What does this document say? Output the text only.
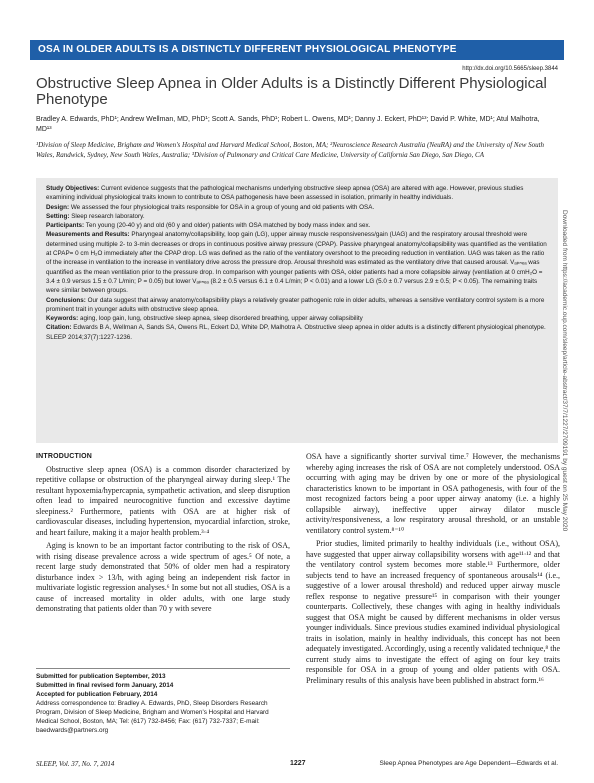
OSA IN OLDER ADULTS IS A DISTINCTLY DIFFERENT PHYSIOLOGICAL PHENOTYPE
http://dx.doi.org/10.5665/sleep.3844
Obstructive Sleep Apnea in Older Adults is a Distinctly Different Physiological Phenotype
Bradley A. Edwards, PhD¹; Andrew Wellman, MD, PhD¹; Scott A. Sands, PhD¹; Robert L. Owens, MD¹; Danny J. Eckert, PhD¹³; David P. White, MD¹; Atul Malhotra, MD¹³
¹Division of Sleep Medicine, Brigham and Women's Hospital and Harvard Medical School, Boston, MA; ²Neuroscience Research Australia (NeuRA) and the University of New South Wales, Randwick, Sydney, New South Wales, Australia; ³Division of Pulmonary and Critical Care Medicine, University of California San Diego, San Diego, CA

Study Objectives: Current evidence suggests that the pathological mechanisms underlying obstructive sleep apnea (OSA) are altered with age. However, previous studies examining individual physiological traits known to contribute to OSA pathogenesis have been assessed in isolation, primarily in healthy individuals.

Design: We assessed the four physiological traits responsible for OSA in a group of young and old patients with OSA.

Setting: Sleep research laboratory.

Participants: Ten young (20-40 y) and old (60 y and older) patients with OSA matched by body mass index and sex.

Measurements and Results: Pharyngeal anatomy/collapsibility, loop gain (LG), upper airway muscle responsiveness/gain (UAG) and the respiratory arousal threshold were determined using multiple 2- to 3-min decreases or drops in continuous positive airway pressure (CPAP). Passive pharyngeal anatomy/collapsibility was quantified as the ventilation at CPAP= 0 cm H₂O immediately after the CPAP drop. LG was defined as the ratio of the ventilatory overshoot to the preceding reduction in ventilation. UAG was taken as the ratio of the increase in ventilation to the increase in ventilatory drive across the pressure drop. Arousal threshold was estimated as the ventilatory drive that caused arousal. Vₐₚₙₑₐ was quantified as the mean ventilation prior to the pressure drop. In comparison with younger patients with OSA, older patients had a more collapsible airway (ventilation at 0 cmH₂O = 3.4 ± 0.9 versus 1.5 ± 0.7 L/min; P = 0.05) but lower Vₐₚₙₑₐ (8.2 ± 0.5 versus 6.1 ± 0.4 L/min; P < 0.01) and a lower LG (5.0 ± 0.7 versus 2.9 ± 0.5; P < 0.05). The remaining traits were similar between groups.

Conclusions: Our data suggest that airway anatomy/collapsibility plays a relatively greater pathogenic role in older adults, whereas a sensitive ventilatory control system is a more prominent trait in younger adults with obstructive sleep apnea.

Keywords: aging, loop gain, lung, obstructive sleep apnea, sleep disordered breathing, upper airway collapsibility

Citation: Edwards B A, Wellman A, Sands SA, Owens RL, Eckert DJ, White DP, Malhotra A. Obstructive sleep apnea in older adults is a distinctly different physiological phenotype. SLEEP 2014;37(7):1227-1236.	Downloaded from https://academic.oup.com/sleep/article-abstract/37/7/1227/2709191 by guest on 25 May 2020
INTRODUCTION

Obstructive sleep apnea (OSA) is a common disorder characterized by repetitive collapse or obstruction of the pharyngeal airway during sleep.¹ The resultant hypoxemia/hypercapnia, sympathetic activation, and sleep disruption often lead to impaired neurocognitive function and excessive daytime sleepiness.² Furthermore, patients with OSA are at higher risk of cardiovascular diseases, including hypertension, myocardial infarction, stroke, and heart failure, making it a major health problem.³·⁴

Aging is known to be an important factor contributing to the risk of OSA, with rising disease prevalence across a wide spectrum of ages.⁵ Of note, a recent large study demonstrated that 50% of older men had a respiratory disturbance index > 13/h, with aging being an independent risk factor in multivariate logistic regression analyses.⁶ In some but not all studies, OSA is a cause of increased mortality in older adults, with one large study demonstrating that patients older than 70 y with severe

OSA have a significantly shorter survival time.⁷ However, the mechanisms whereby aging increases the risk of OSA are not completely understood. OSA occurring with aging may be driven by one or more of the physiological characteristics known to be important in OSA pathogenesis, with four of the most recognized factors being a poor upper airway anatomy (i.e. a highly collapsible airway), ineffective upper airway dilator muscle activity/responsiveness, a low respiratory arousal threshold, or an unstable ventilatory control system.⁸⁻¹⁰

Prior studies, limited primarily to healthy individuals (i.e., without OSA), have suggested that upper airway collapsibility worsens with age¹¹·¹² and that the ventilatory control system becomes more stable.¹³ Furthermore, older subjects tend to have an increased frequency of spontaneous arousals¹⁴ (i.e., suggestive of a lower arousal threshold) and reduced upper airway muscle reflex response to negative pressure¹⁵ in comparison with their younger counterparts. Collectively, these changes with aging in healthy individuals suggest that OSA might be caused by different mechanisms in older versus younger individuals. Since previous studies examined individual physiological traits in isolation, mainly in healthy individuals, this concept has not been adequately investigated. Accordingly, using a recently validated technique,⁸ the current study aims to investigate the effect of aging on four key traits responsible for OSA in a group of young and older patients with OSA. Preliminary results of this analysis have been published in abstract form.¹⁶

Submitted for publication September, 2013
Submitted in final revised form January, 2014
Accepted for publication February, 2014
Address correspondence to: Bradley A. Edwards, PhD, Sleep Disorders Research Program, Division of Sleep Medicine, Brigham and Women's Hospital and Harvard Medical School, Boston, MA; Tel: (617) 732-8456; Fax: (617) 732-7337; E-mail: baedwards@partners.org
SLEEP, Vol. 37, No. 7, 2014	1227	Sleep Apnea Phenotypes are Age Dependent—Edwards et al.
